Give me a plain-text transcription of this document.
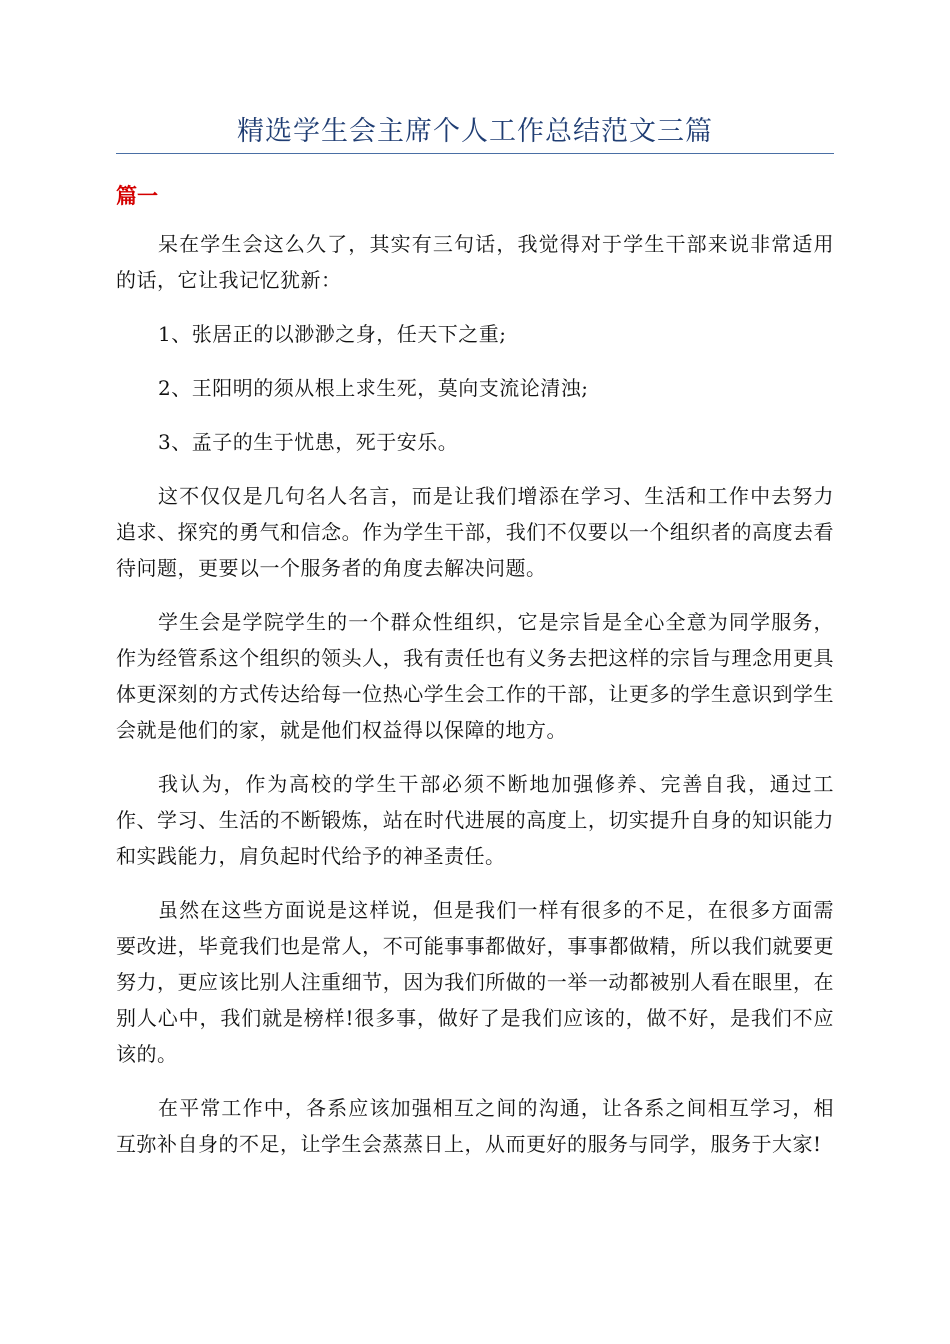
精选学生会主席个人工作总结范文三篇
篇一

呆在学生会这么久了，其实有三句话，我觉得对于学生干部来说非常适用的话，它让我记忆犹新：

1、张居正的以渺渺之身，任天下之重;

2、王阳明的须从根上求生死，莫向支流论清浊;

3、孟子的生于忧患，死于安乐。

这不仅仅是几句名人名言，而是让我们增添在学习、生活和工作中去努力追求、探究的勇气和信念。作为学生干部，我们不仅要以一个组织者的高度去看待问题，更要以一个服务者的角度去解决问题。

学生会是学院学生的一个群众性组织，它是宗旨是全心全意为同学服务，作为经管系这个组织的领头人，我有责任也有义务去把这样的宗旨与理念用更具体更深刻的方式传达给每一位热心学生会工作的干部，让更多的学生意识到学生会就是他们的家，就是他们权益得以保障的地方。

我认为，作为高校的学生干部必须不断地加强修养、完善自我，通过工作、学习、生活的不断锻炼，站在时代进展的高度上，切实提升自身的知识能力和实践能力，肩负起时代给予的神圣责任。

虽然在这些方面说是这样说，但是我们一样有很多的不足，在很多方面需要改进，毕竟我们也是常人，不可能事事都做好，事事都做精，所以我们就要更努力，更应该比别人注重细节，因为我们所做的一举一动都被别人看在眼里，在别人心中，我们就是榜样!很多事，做好了是我们应该的，做不好，是我们不应该的。

在平常工作中，各系应该加强相互之间的沟通，让各系之间相互学习，相互弥补自身的不足，让学生会蒸蒸日上，从而更好的服务与同学，服务于大家!
